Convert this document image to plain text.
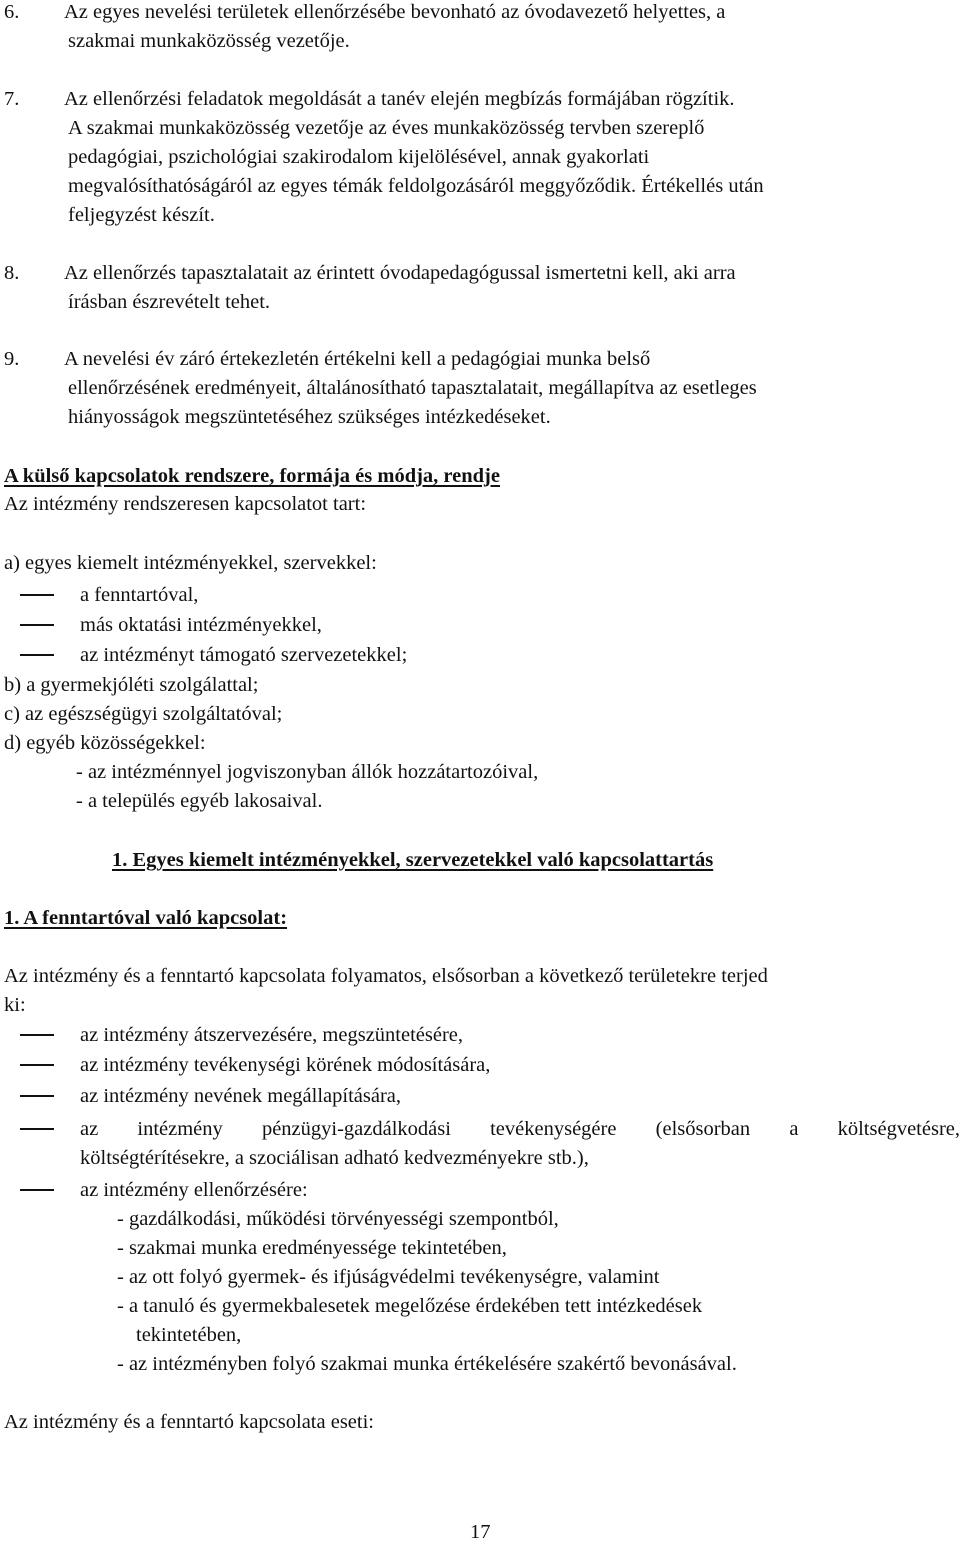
6. Az egyes nevelési területek ellenőrzésébe bevonható az óvodavezető helyettes, a
szakmai munkaközösség vezetője.
7. Az ellenőrzési feladatok megoldását a tanév elején megbízás formájában rögzítik.
A szakmai munkaközösség vezetője az éves munkaközösség tervben szereplő
pedagógiai, pszichológiai szakirodalom kijelölésével, annak gyakorlati
megvalósíthatóságáról az egyes témák feldolgozásáról meggyőződik. Értékellés után
feljegyzést készít.
8. Az ellenőrzés tapasztalatait az érintett óvodapedagógussal ismertetni kell, aki arra
írásban észrevételt tehet.
9. A nevelési év záró értekezletén értékelni kell a pedagógiai munka belső
ellenőrzésének eredményeit, általánosítható tapasztalatait, megállapítva az esetleges
hiányosságok megszüntetéséhez szükséges intézkedéseket.
A külső kapcsolatok rendszere, formája és módja, rendje
Az intézmény rendszeresen kapcsolatot tart:
a) egyes kiemelt intézményekkel, szervekkel:
a fenntartóval,
más oktatási intézményekkel,
az intézményt támogató szervezetekkel;
b) a gyermekjóléti szolgálattal;
c) az egészségügyi szolgáltatóval;
d) egyéb közösségekkel:
- az intézménnyel jogviszonyban állók hozzátartozóival,
- a település egyéb lakosaival.
1. Egyes kiemelt intézményekkel, szervezetekkel való kapcsolattartás
1. A fenntartóval való kapcsolat:
Az intézmény és a fenntartó kapcsolata folyamatos, elsősorban a következő területekre terjed
ki:
az intézmény átszervezésére, megszüntetésére,
az intézmény tevékenységi körének módosítására,
az intézmény nevének megállapítására,
az intézmény pénzügyi-gazdálkodási tevékenységére (elsősorban a költségvetésre,
költségtérítésekre, a szociálisan adható kedvezményekre stb.),
az intézmény ellenőrzésére:
- gazdálkodási, működési törvényességi szempontból,
- szakmai munka eredményessége tekintetében,
- az ott folyó gyermek- és ifjúságvédelmi tevékenységre, valamint
- a tanuló és gyermekbalesetek megelőzése érdekében tett intézkedések
tekintetében,
- az intézményben folyó szakmai munka értékelésére szakértő bevonásával.
Az intézmény és a fenntartó kapcsolata eseti:
17
